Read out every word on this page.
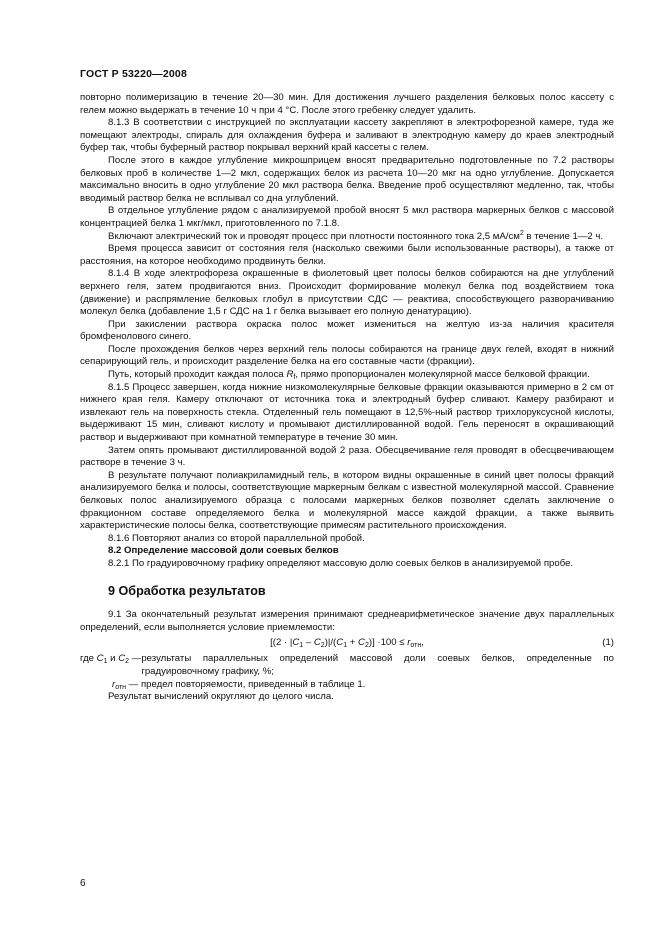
ГОСТ Р 53220—2008

повторно полимеризацию в течение 20—30 мин. Для достижения лучшего разделения белковых полос кассету с гелем можно выдержать в течение 10 ч при 4 °С. После этого гребенку следует удалить.

8.1.3 В соответствии с инструкцией по эксплуатации кассету закрепляют в электрофорезной камере, туда же помещают электроды, спираль для охлаждения буфера и заливают в электродную камеру до краев электродный буфер так, чтобы буферный раствор покрывал верхний край кассеты с гелем.

После этого в каждое углубление микрошприцем вносят предварительно подготовленные по 7.2 растворы белковых проб в количестве 1—2 мкл, содержащих белок из расчета 10—20 мкг на одно углубление. Допускается максимально вносить в одно углубление 20 мкл раствора белка. Введение проб осуществляют медленно, так, чтобы вводимый раствор белка не всплывал со дна углублений.

В отдельное углубление рядом с анализируемой пробой вносят 5 мкл раствора маркерных белков с массовой концентрацией белка 1 мкг/мкл, приготовленного по 7.1.8.

Включают электрический ток и проводят процесс при плотности постоянного тока 2,5 $мА/см^2$ в течение 1—2 ч.

Время процесса зависит от состояния геля (насколько свежими были использованные растворы), а также от расстояния, на которое необходимо продвинуть белки.

8.1.4 В ходе электрофореза окрашенные в фиолетовый цвет полосы белков собираются на дне углублений верхнего геля, затем продвигаются вниз. Происходит формирование молекул белка под воздействием тока (движение) и распрямление белковых глобул в присутствии СДС — реактива, способствующего разворачиванию молекул белка (добавление 1,5 г СДС на 1 г белка вызывает его полную денатурацию).

При закислении раствора окраска полос может измениться на желтую из-за наличия красителя бромфенолового синего.

После прохождения белков через верхний гель полосы собираются на границе двух гелей, входят в нижний сепарирующий гель, и происходит разделение белка на его составные части (фракции).

Путь, который проходит каждая полоса $R_f$, прямо пропорционален молекулярной массе белковой фракции.

8.1.5 Процесс завершен, когда нижние низкомолекулярные белковые фракции оказываются примерно в 2 см от нижнего края геля. Камеру отключают от источника тока и электродный буфер сливают. Камеру разбирают и извлекают гель на поверхность стекла. Отделенный гель помещают в 12,5%-ный раствор трихлоруксусной кислоты, выдерживают 15 мин, сливают кислоту и промывают дистиллированной водой. Гель переносят в окрашивающий раствор и выдерживают при комнатной температуре в течение 30 мин.

Затем опять промывают дистиллированной водой 2 раза. Обесцвечивание геля проводят в обесцвечивающем растворе в течение 3 ч.

В результате получают полиакриламидный гель, в котором видны окрашенные в синий цвет полосы фракций анализируемого белка и полосы, соответствующие маркерным белкам с известной молекулярной массой. Сравнение белковых полос анализируемого образца с полосами маркерных белков позволяет сделать заключение о фракционном составе определяемого белка и молекулярной массе каждой фракции, а также выявить характеристические полосы белка, соответствующие примесям растительного происхождения.

8.1.6 Повторяют анализ со второй параллельной пробой.

8.2 Определение массовой доли соевых белков

8.2.1 По градуировочному графику определяют массовую долю соевых белков в анализируемой пробе.

9 Обработка результатов

9.1 За окончательный результат измерения принимают среднеарифметическое значение двух параллельных определений, если выполняется условие приемлемости:

$[(2 \cdot |C_1 - C_2)|/(C_1 + C_2)] \cdot 100 \le r_{отн}$,	(1)
где $C_1$ и $C_2$ — результаты параллельных определений массовой доли соевых белков, определенные по градуировочному графику, %;

$r_{отн}$ — предел повторяемости, приведенный в таблице 1.

Результат вычислений округляют до целого числа.

6
